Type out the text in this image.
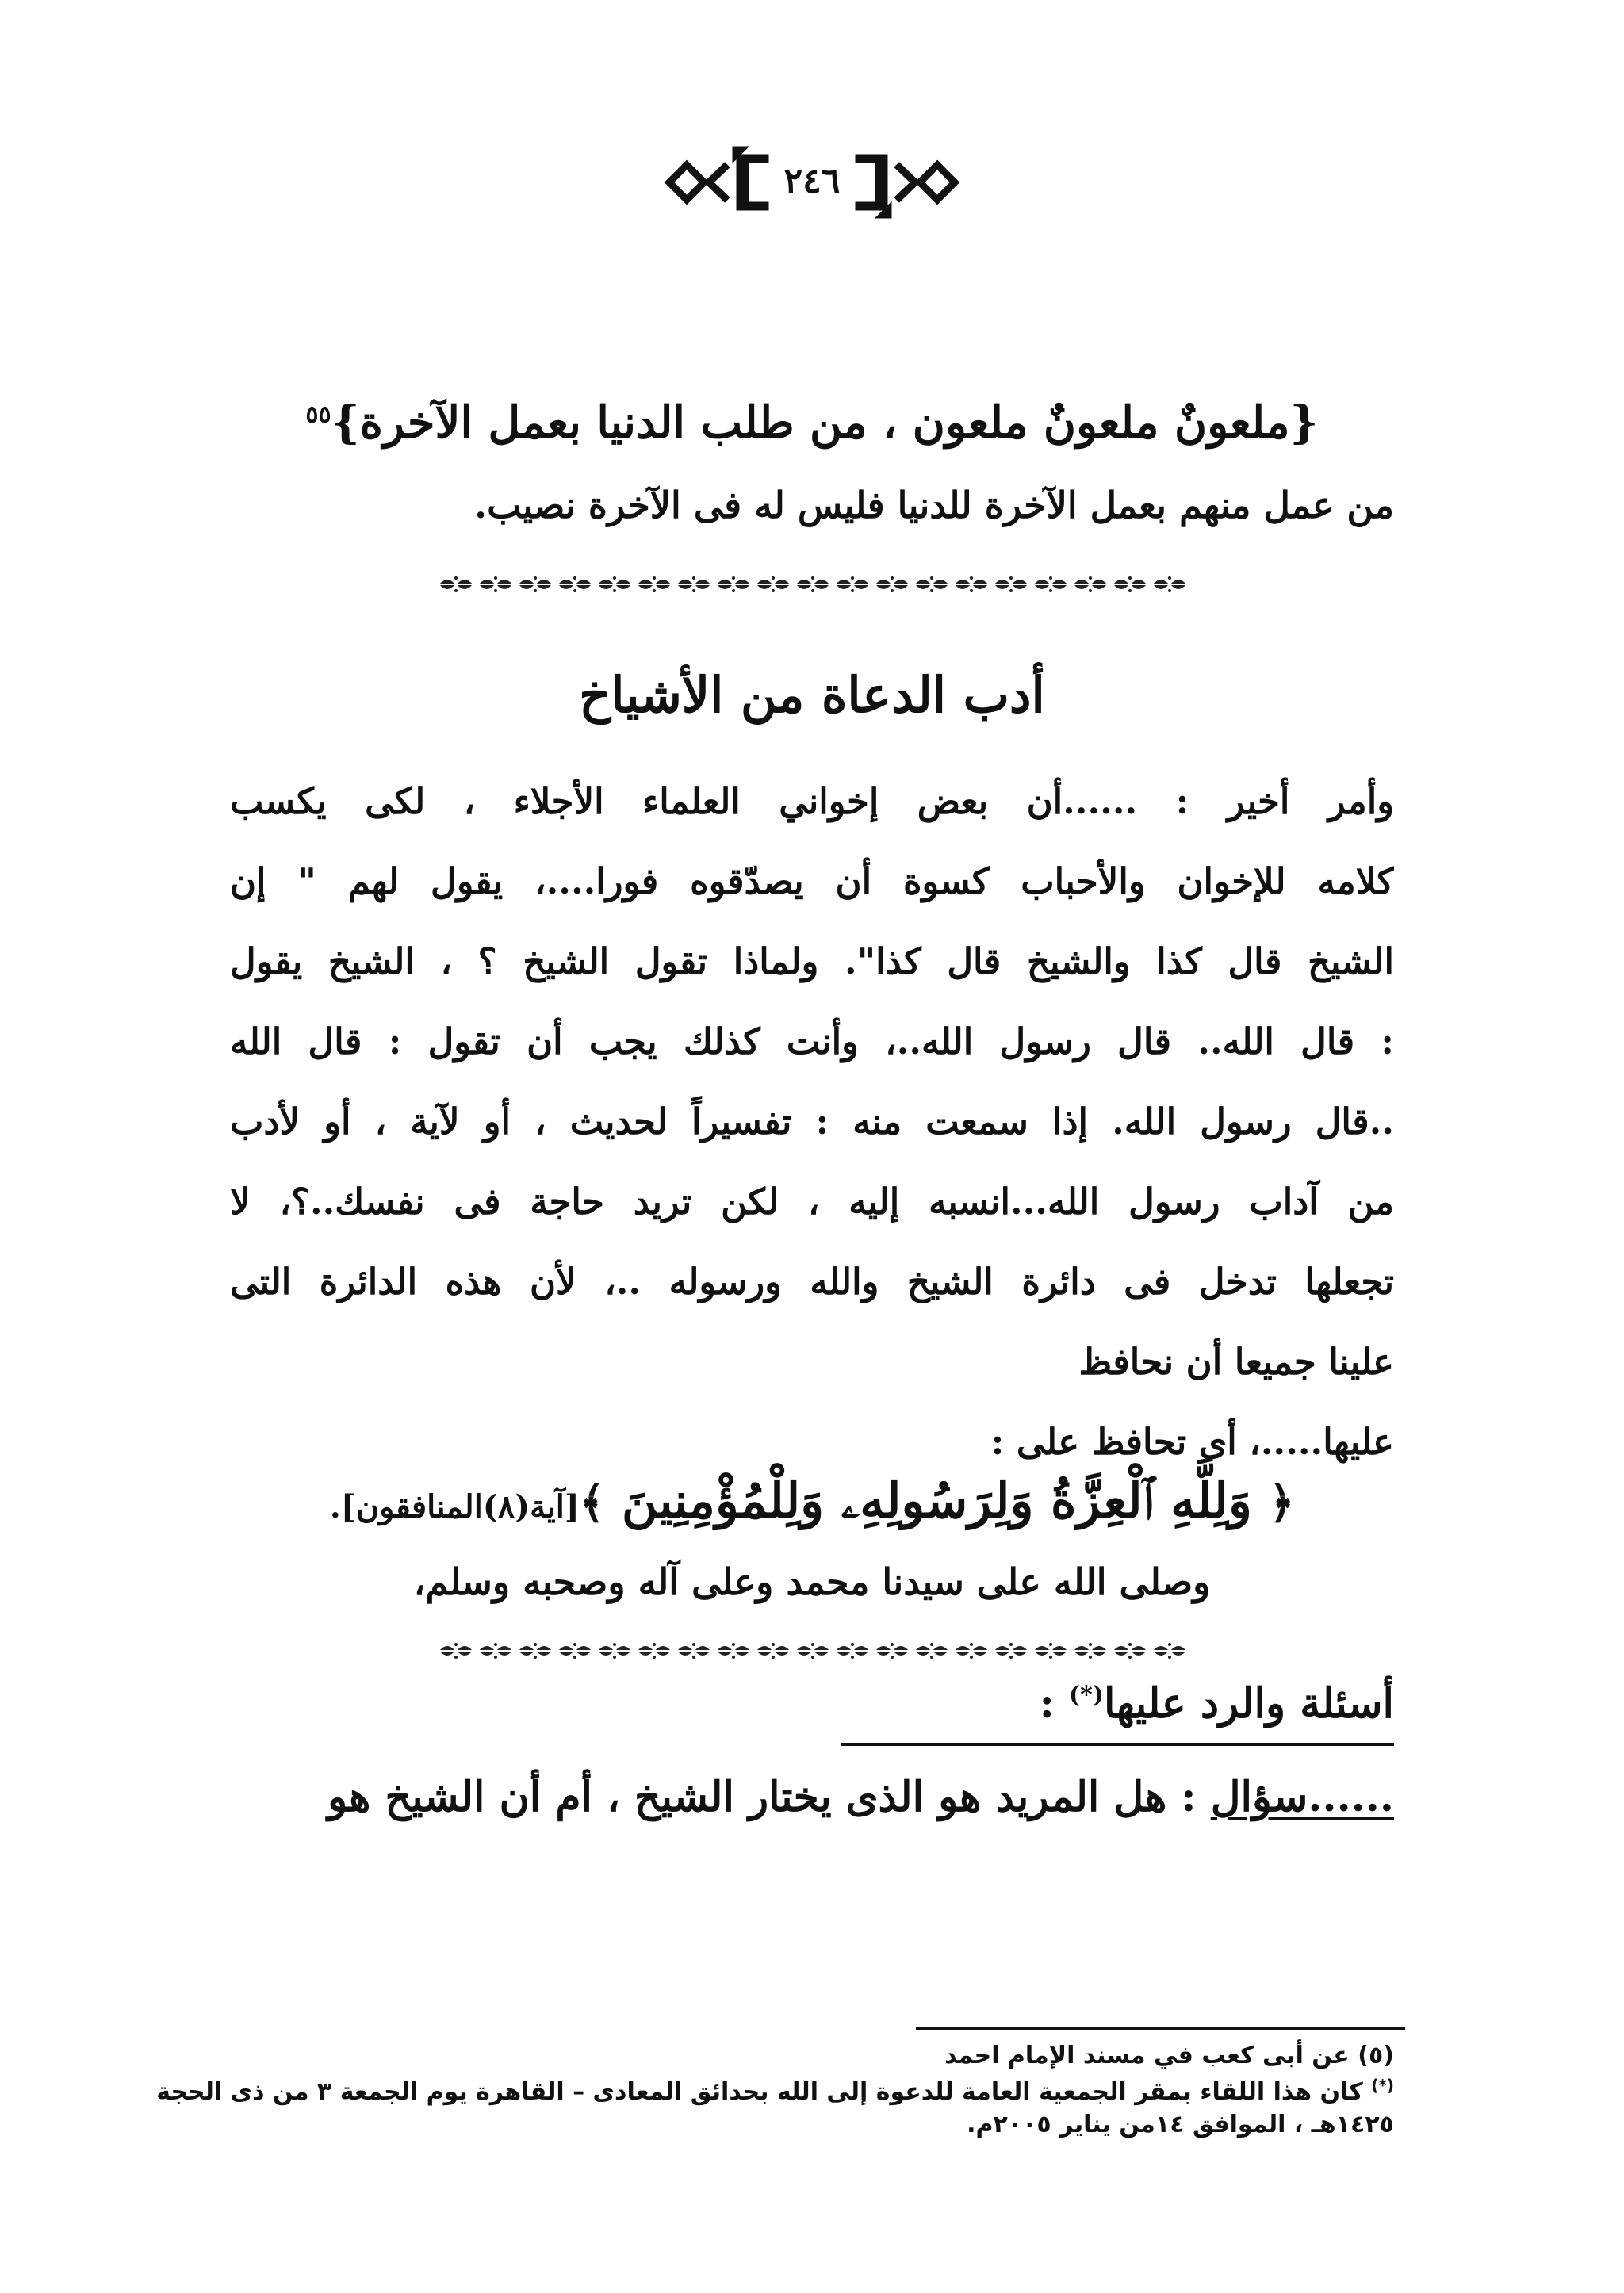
٢٤٦
{ملعونٌ ملعونٌ ملعون ، من طلب الدنيا بعمل الآخرة}$^{٥٥}$
من عمل منهم بعمل الآخرة للدنيا فليس له فى الآخرة نصيب.
أدب الدعاة من الأشياخ
وأمر أخير : ......أن بعض إخواني العلماء الأجلاء ، لكى يكسب
كلامه للإخوان والأحباب كسوة أن يصدّقوه فورا....، يقول لهم " إن
الشيخ قال كذا والشيخ قال كذا". ولماذا تقول الشيخ ؟ ، الشيخ يقول
: قال الله.. قال رسول الله..، وأنت كذلك يجب أن تقول : قال الله
..قال رسول الله. إذا سمعت منه : تفسيراً لحديث ، أو لآية ، أو لأدب
من آداب رسول الله...انسبه إليه ، لكن تريد حاجة فى نفسك..؟، لا
تجعلها تدخل فى دائرة الشيخ والله ورسوله ..، لأن هذه الدائرة التى
علينا جميعا أن نحافظ
عليها.....، أى تحافظ على :
﴿ وَلِلَّهِ ٱلْعِزَّةُ وَلِرَسُولِهِۦ وَلِلْمُؤْمِنِينَ ﴾[آية(٨)المنافقون].
وصلى الله على سيدنا محمد وعلى آله وصحبه وسلم،
أسئلة والرد عليها(*) :
......سؤال : هل المريد هو الذى يختار الشيخ ، أم أن الشيخ هو
(٥) عن أبى كعب في مسند الإمام احمد
(*) كان هذا اللقاء بمقر الجمعية العامة للدعوة إلى الله بحدائق المعادى – القاهرة يوم الجمعة ٣ من ذى الحجة
١٤٢٥هـ ، الموافق ١٤من يناير ٢٠٠٥م.
